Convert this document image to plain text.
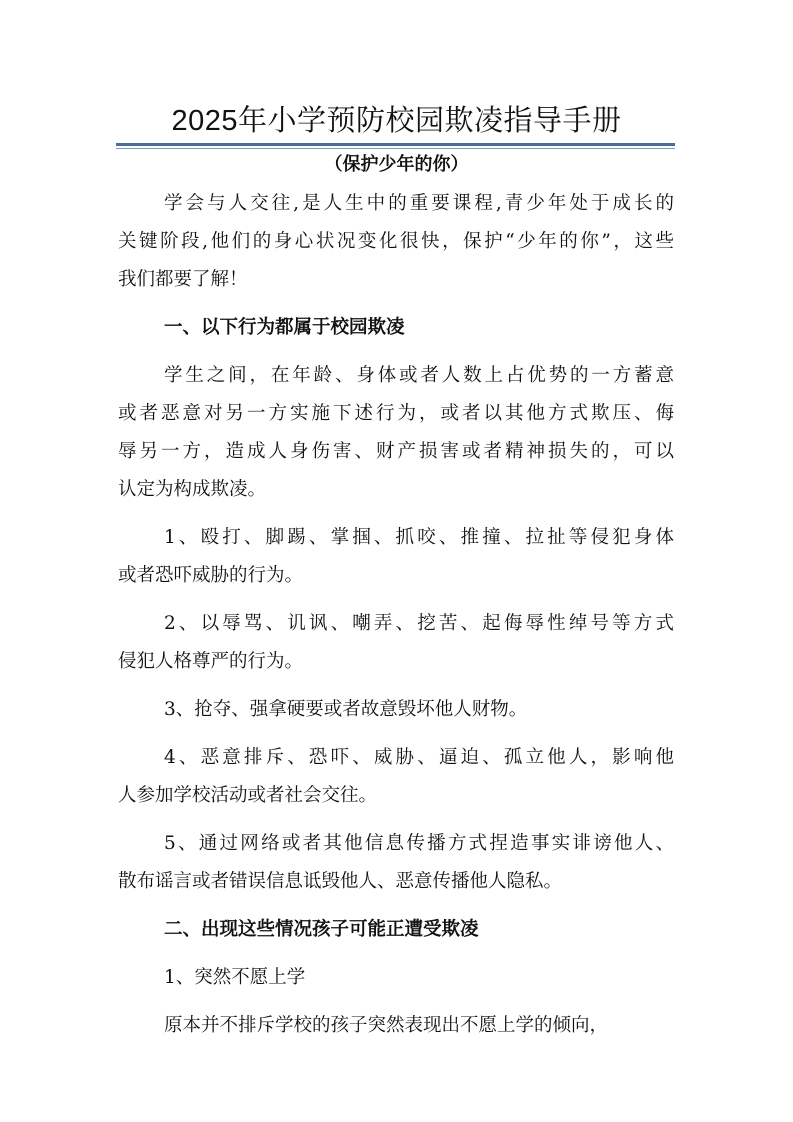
2025年小学预防校园欺凌指导手册
（保护少年的你）
学会与人交往,是人生中的重要课程,青少年处于成长的
关键阶段,他们的身心状况变化很快，保护“少年的你”，这些
我们都要了解！
一、以下行为都属于校园欺凌
学生之间，在年龄、身体或者人数上占优势的一方蓄意
或者恶意对另一方实施下述行为，或者以其他方式欺压、侮
辱另一方，造成人身伤害、财产损害或者精神损失的，可以
认定为构成欺凌。
1、殴打、脚踢、掌掴、抓咬、推撞、拉扯等侵犯身体
或者恐吓威胁的行为。
2、以辱骂、讥讽、嘲弄、挖苦、起侮辱性绰号等方式
侵犯人格尊严的行为。
3、抢夺、强拿硬要或者故意毁坏他人财物。
4、恶意排斥、恐吓、威胁、逼迫、孤立他人，影响他
人参加学校活动或者社会交往。
5、通过网络或者其他信息传播方式捏造事实诽谤他人、
散布谣言或者错误信息诋毁他人、恶意传播他人隐私。
二、出现这些情况孩子可能正遭受欺凌
1、突然不愿上学
原本并不排斥学校的孩子突然表现出不愿上学的倾向，
